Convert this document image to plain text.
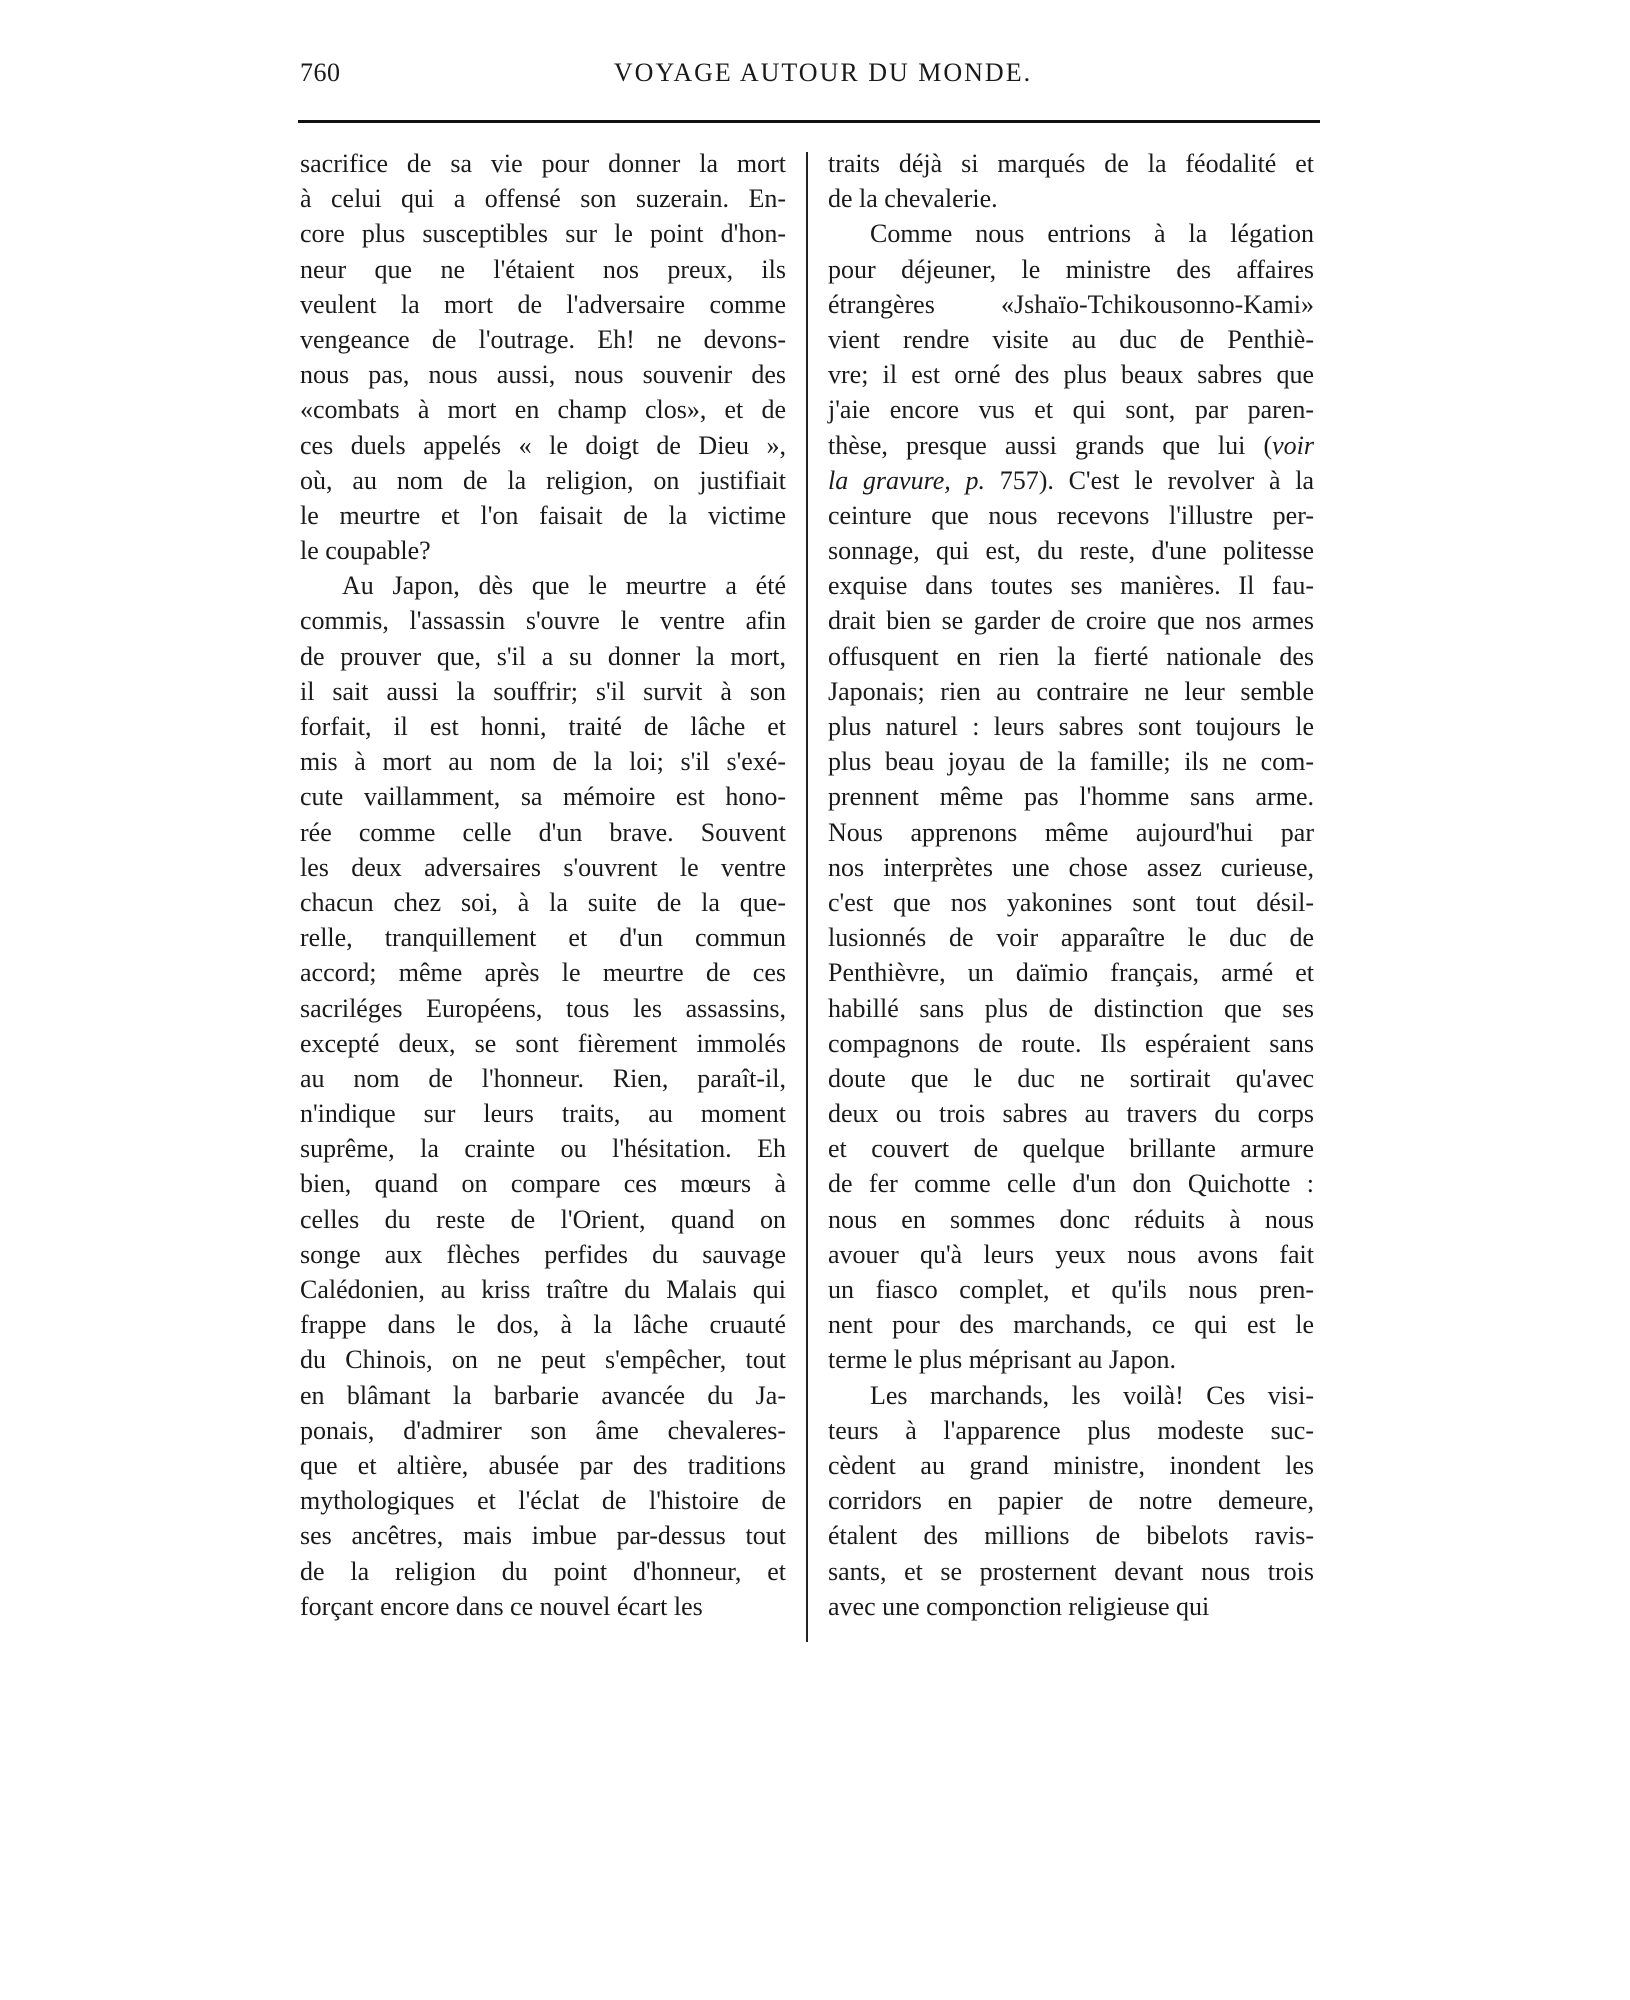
760	VOYAGE AUTOUR DU MONDE.
sacrifice de sa vie pour donner la mort
à celui qui a offensé son suzerain. En-
core plus susceptibles sur le point d'hon-
neur que ne l'étaient nos preux, ils
veulent la mort de l'adversaire comme
vengeance de l'outrage. Eh! ne devons-
nous pas, nous aussi, nous souvenir des
«combats à mort en champ clos», et de
ces duels appelés « le doigt de Dieu »,
où, au nom de la religion, on justifiait
le meurtre et l'on faisait de la victime
le coupable?
Au Japon, dès que le meurtre a été
commis, l'assassin s'ouvre le ventre afin
de prouver que, s'il a su donner la mort,
il sait aussi la souffrir; s'il survit à son
forfait, il est honni, traité de lâche et
mis à mort au nom de la loi; s'il s'exé-
cute vaillamment, sa mémoire est hono-
rée comme celle d'un brave. Souvent
les deux adversaires s'ouvrent le ventre
chacun chez soi, à la suite de la que-
relle, tranquillement et d'un commun
accord; même après le meurtre de ces
sacriléges Européens, tous les assassins,
excepté deux, se sont fièrement immolés
au nom de l'honneur. Rien, paraît-il,
n'indique sur leurs traits, au moment
suprême, la crainte ou l'hésitation. Eh
bien, quand on compare ces mœurs à
celles du reste de l'Orient, quand on
songe aux flèches perfides du sauvage
Calédonien, au kriss traître du Malais qui
frappe dans le dos, à la lâche cruauté
du Chinois, on ne peut s'empêcher, tout
en blâmant la barbarie avancée du Ja-
ponais, d'admirer son âme chevaleres-
que et altière, abusée par des traditions
mythologiques et l'éclat de l'histoire de
ses ancêtres, mais imbue par-dessus tout
de la religion du point d'honneur, et
forçant encore dans ce nouvel écart les
traits déjà si marqués de la féodalité et
de la chevalerie.
Comme nous entrions à la légation
pour déjeuner, le ministre des affaires
étrangères «Jshaïo-Tchikousonno-Kami»
vient rendre visite au duc de Penthiè-
vre; il est orné des plus beaux sabres que
j'aie encore vus et qui sont, par paren-
thèse, presque aussi grands que lui (voir
la gravure, p. 757). C'est le revolver à la
ceinture que nous recevons l'illustre per-
sonnage, qui est, du reste, d'une politesse
exquise dans toutes ses manières. Il fau-
drait bien se garder de croire que nos armes
offusquent en rien la fierté nationale des
Japonais; rien au contraire ne leur semble
plus naturel : leurs sabres sont toujours le
plus beau joyau de la famille; ils ne com-
prennent même pas l'homme sans arme.
Nous apprenons même aujourd'hui par
nos interprètes une chose assez curieuse,
c'est que nos yakonines sont tout désil-
lusionnés de voir apparaître le duc de
Penthièvre, un daïmio français, armé et
habillé sans plus de distinction que ses
compagnons de route. Ils espéraient sans
doute que le duc ne sortirait qu'avec
deux ou trois sabres au travers du corps
et couvert de quelque brillante armure
de fer comme celle d'un don Quichotte :
nous en sommes donc réduits à nous
avouer qu'à leurs yeux nous avons fait
un fiasco complet, et qu'ils nous pren-
nent pour des marchands, ce qui est le
terme le plus méprisant au Japon.
Les marchands, les voilà! Ces visi-
teurs à l'apparence plus modeste suc-
cèdent au grand ministre, inondent les
corridors en papier de notre demeure,
étalent des millions de bibelots ravis-
sants, et se prosternent devant nous trois
avec une componction religieuse qui
